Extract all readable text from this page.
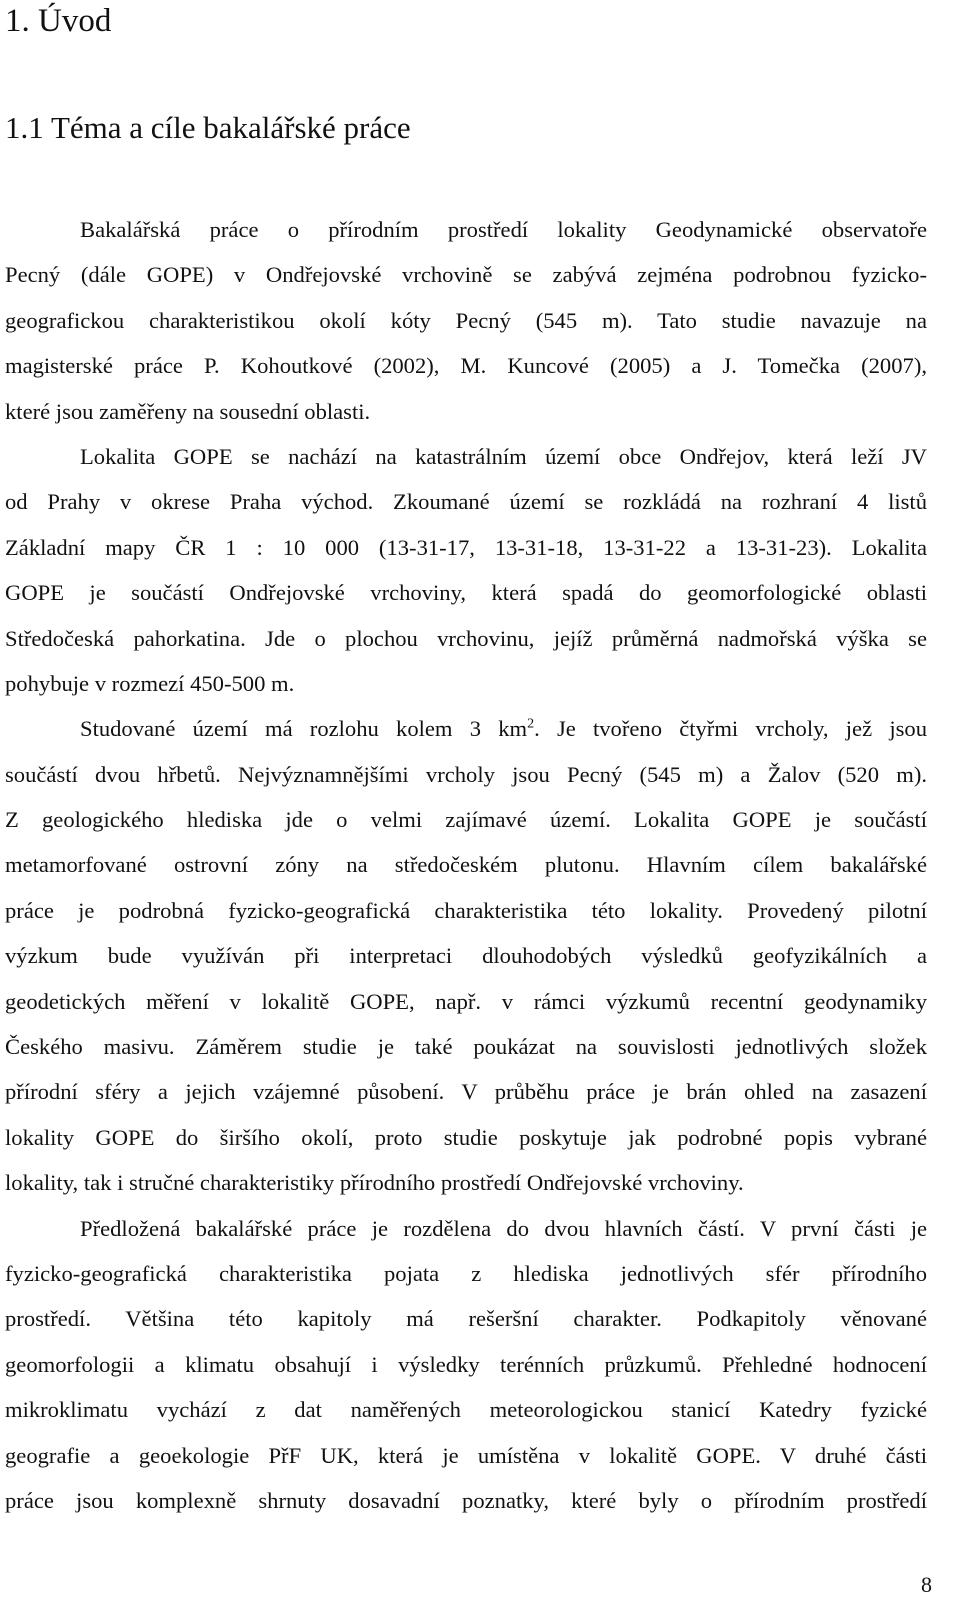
1. Úvod
1.1 Téma a cíle bakalářské práce
Bakalářská práce o přírodním prostředí lokality Geodynamické observatoře
Pecný (dále GOPE) v Ondřejovské vrchovině se zabývá zejména podrobnou fyzicko-
geografickou charakteristikou okolí kóty Pecný (545 m). Tato studie navazuje na
magisterské práce P. Kohoutkové (2002), M. Kuncové (2005) a J. Tomečka (2007),
které jsou zaměřeny na sousední oblasti.
Lokalita GOPE se nachází na katastrálním území obce Ondřejov, která leží JV
od Prahy v okrese Praha východ. Zkoumané území se rozkládá na rozhraní 4 listů
Základní mapy ČR 1 : 10 000 (13-31-17, 13-31-18, 13-31-22 a 13-31-23). Lokalita
GOPE je součástí Ondřejovské vrchoviny, která spadá do geomorfologické oblasti
Středočeská pahorkatina. Jde o plochou vrchovinu, jejíž průměrná nadmořská výška se
pohybuje v rozmezí 450-500 m.
Studované území má rozlohu kolem 3 $km^2$. Je tvořeno čtyřmi vrcholy, jež jsou
součástí dvou hřbetů. Nejvýznamnějšími vrcholy jsou Pecný (545 m) a Žalov (520 m).
Z geologického hlediska jde o velmi zajímavé území. Lokalita GOPE je součástí
metamorfované ostrovní zóny na středočeském plutonu. Hlavním cílem bakalářské
práce je podrobná fyzicko-geografická charakteristika této lokality. Provedený pilotní
výzkum bude využíván při interpretaci dlouhodobých výsledků geofyzikálních a
geodetických měření v lokalitě GOPE, např. v rámci výzkumů recentní geodynamiky
Českého masivu. Záměrem studie je také poukázat na souvislosti jednotlivých složek
přírodní sféry a jejich vzájemné působení. V průběhu práce je brán ohled na zasazení
lokality GOPE do širšího okolí, proto studie poskytuje jak podrobné popis vybrané
lokality, tak i stručné charakteristiky přírodního prostředí Ondřejovské vrchoviny.
Předložená bakalářské práce je rozdělena do dvou hlavních částí. V první části je
fyzicko-geografická charakteristika pojata z hlediska jednotlivých sfér přírodního
prostředí. Většina této kapitoly má rešeršní charakter. Podkapitoly věnované
geomorfologii a klimatu obsahují i výsledky terénních průzkumů. Přehledné hodnocení
mikroklimatu vychází z dat naměřených meteorologickou stanicí Katedry fyzické
geografie a geoekologie PřF UK, která je umístěna v lokalitě GOPE. V druhé části
práce jsou komplexně shrnuty dosavadní poznatky, které byly o přírodním prostředí
8
